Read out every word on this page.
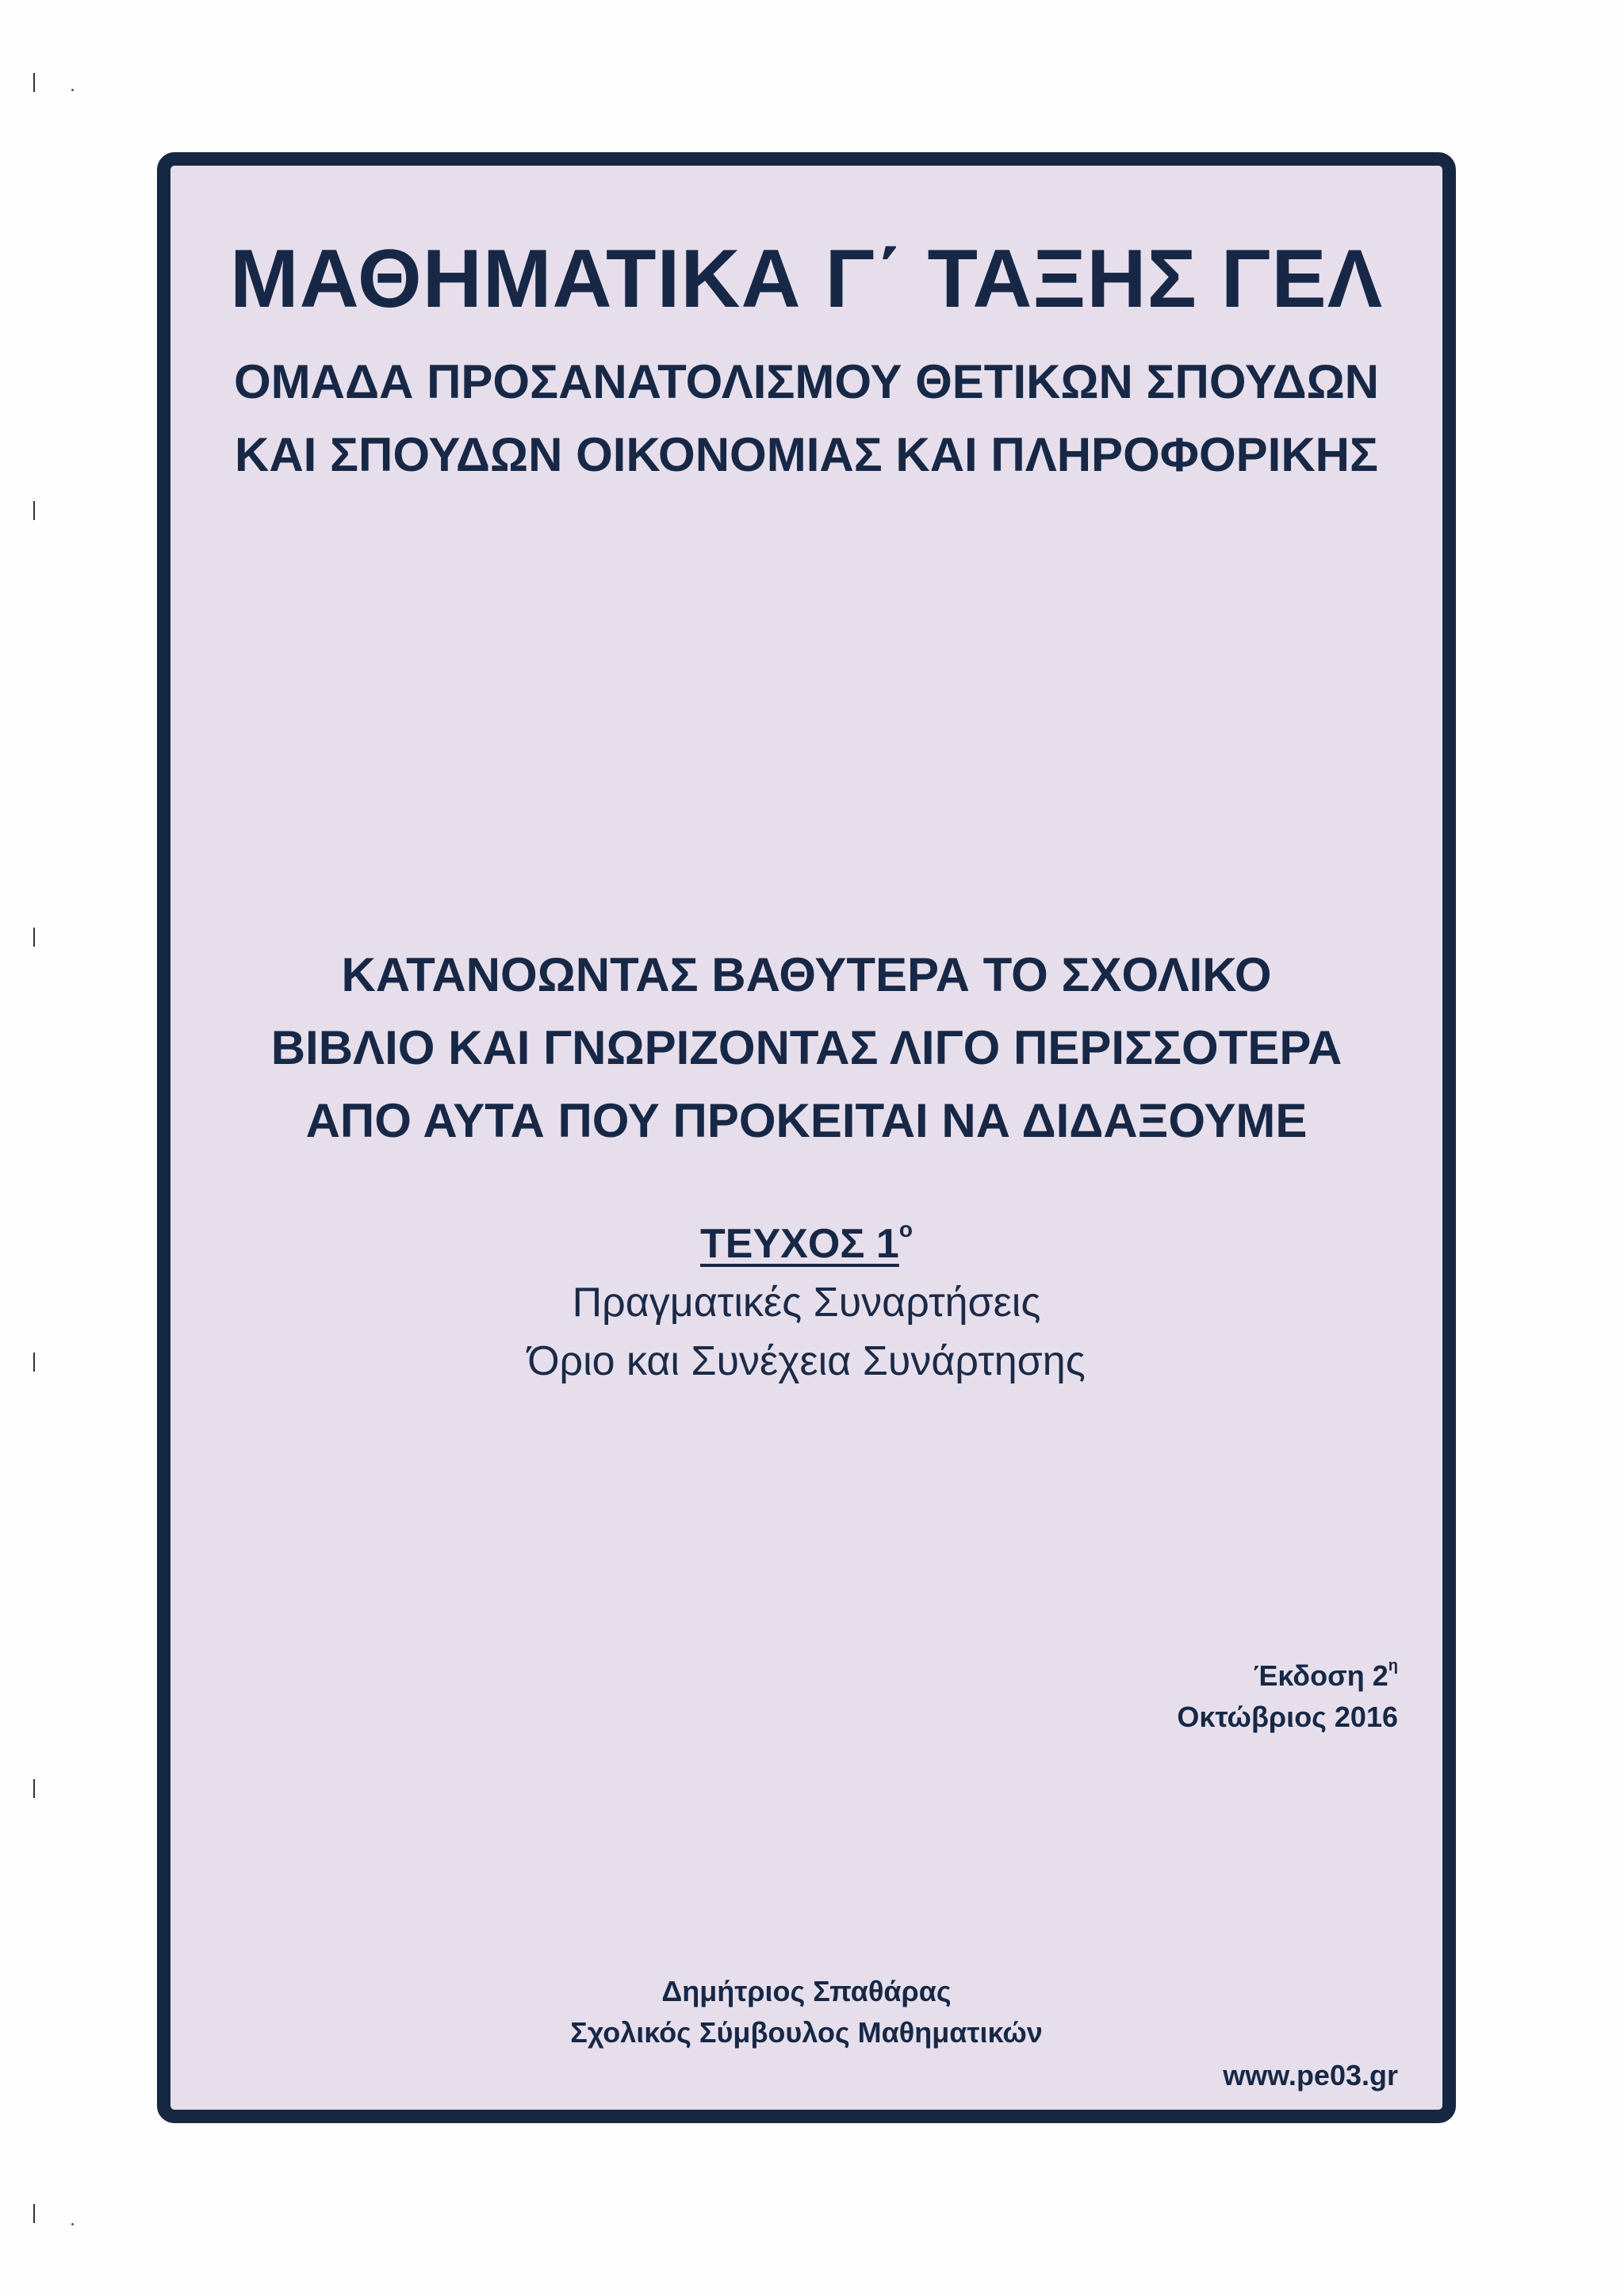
ΜΑΘΗΜΑΤΙΚΑ Γ΄ ΤΑΞΗΣ ΓΕΛ
ΟΜΑΔΑ ΠΡΟΣΑΝΑΤΟΛΙΣΜΟΥ ΘΕΤΙΚΩΝ ΣΠΟΥΔΩΝ
ΚΑΙ ΣΠΟΥΔΩΝ ΟΙΚΟΝΟΜΙΑΣ ΚΑΙ ΠΛΗΡΟΦΟΡΙΚΗΣ
ΚΑΤΑΝΟΩΝΤΑΣ ΒΑΘΥΤΕΡΑ ΤΟ ΣΧΟΛΙΚΟ
ΒΙΒΛΙΟ ΚΑΙ ΓΝΩΡΙΖΟΝΤΑΣ ΛΙΓΟ ΠΕΡΙΣΣΟΤΕΡΑ
ΑΠΟ ΑΥΤΑ ΠΟΥ ΠΡΟΚΕΙΤΑΙ ΝΑ ΔΙΔΑΞΟΥΜΕ
ΤΕΥΧΟΣ $1^o$
Πραγματικές Συναρτήσεις
Όριο και Συνέχεια Συνάρτησης
Έκδοση $2^\eta$
Οκτώβριος 2016
Δημήτριος Σπαθάρας
Σχολικός Σύμβουλος Μαθηματικών
www.pe03.gr
